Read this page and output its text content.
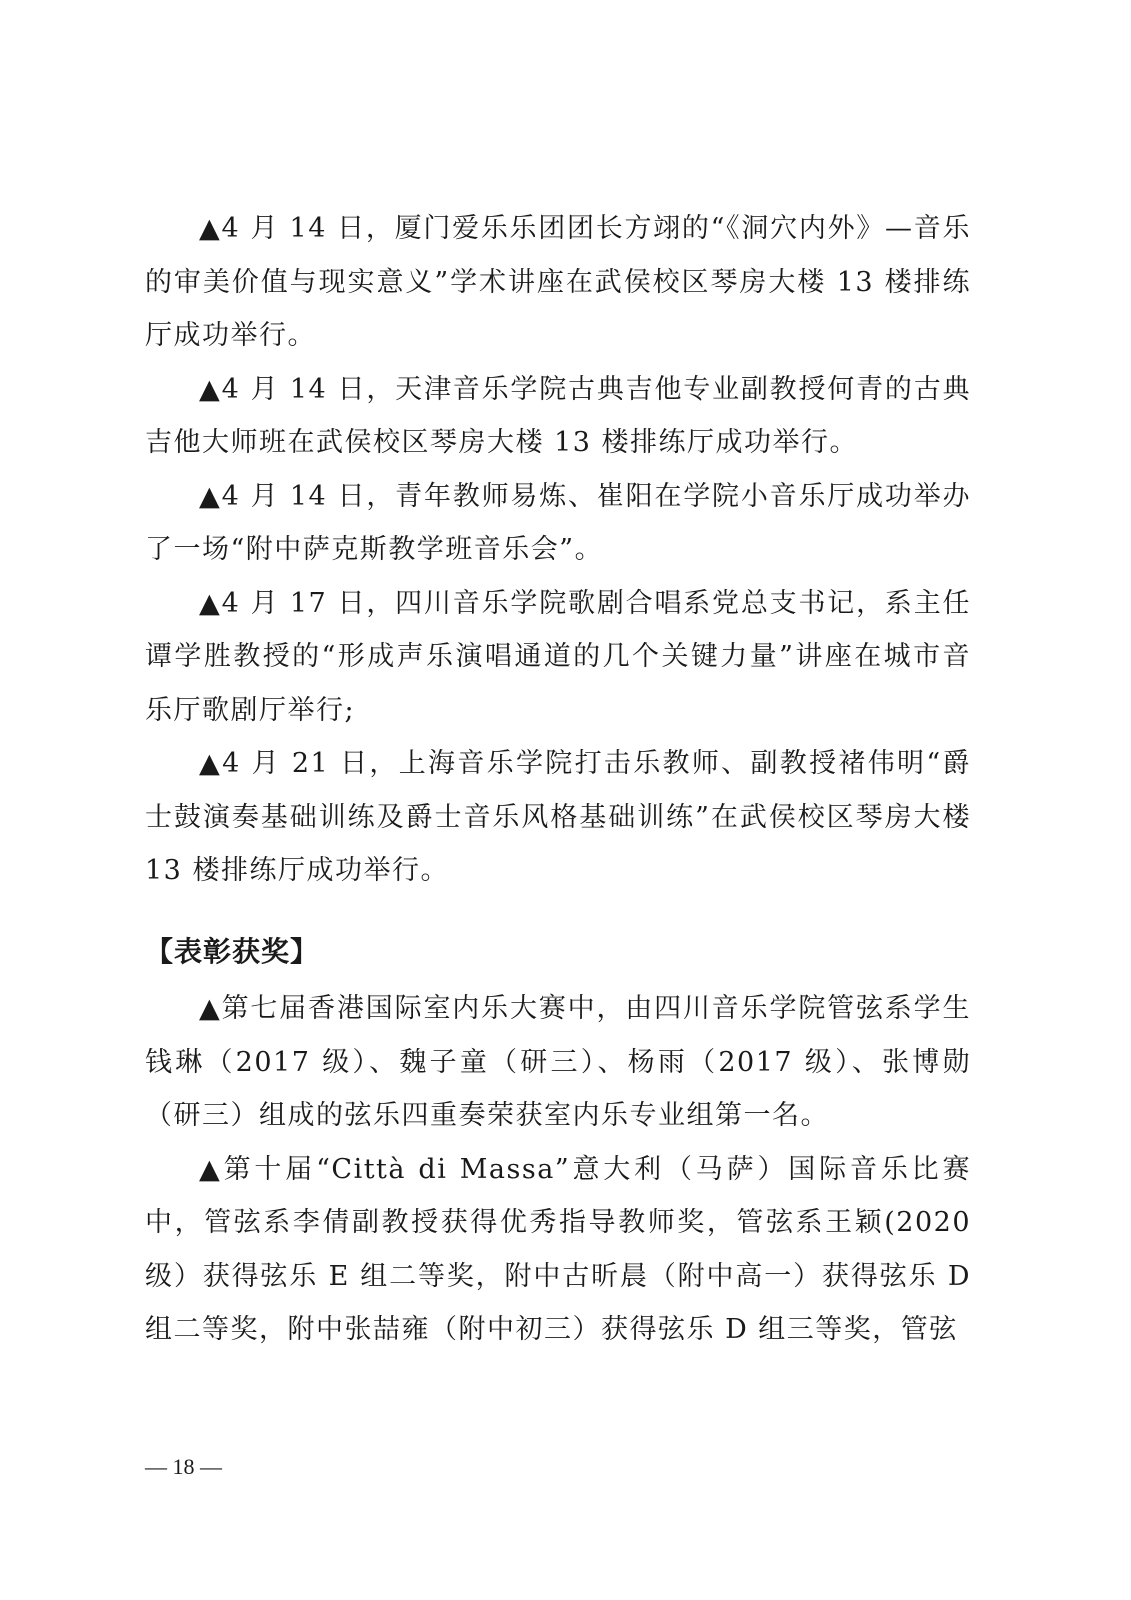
▲4 月 14 日，厦门爱乐乐团团长方翊的“《洞穴内外》—音乐的审美价值与现实意义”学术讲座在武侯校区琴房大楼 13 楼排练厅成功举行。

▲4 月 14 日，天津音乐学院古典吉他专业副教授何青的古典吉他大师班在武侯校区琴房大楼 13 楼排练厅成功举行。

▲4 月 14 日，青年教师易炼、崔阳在学院小音乐厅成功举办了一场“附中萨克斯教学班音乐会”。

▲4 月 17 日，四川音乐学院歌剧合唱系党总支书记，系主任谭学胜教授的“形成声乐演唱通道的几个关键力量”讲座在城市音乐厅歌剧厅举行;

▲4 月 21 日，上海音乐学院打击乐教师、副教授褚伟明“爵士鼓演奏基础训练及爵士音乐风格基础训练”在武侯校区琴房大楼 13 楼排练厅成功举行。

【表彰获奖】

▲第七届香港国际室内乐大赛中，由四川音乐学院管弦系学生钱琳（2017 级）、魏子童（研三）、杨雨（2017 级）、张博勋（研三）组成的弦乐四重奏荣获室内乐专业组第一名。

▲第十届“Città di Massa”意大利（马萨）国际音乐比赛中，管弦系李倩副教授获得优秀指导教师奖，管弦系王颖(2020级）获得弦乐 E 组二等奖，附中古昕晨（附中高一）获得弦乐 D 组二等奖，附中张喆雍（附中初三）获得弦乐 D 组三等奖，管弦

— 18 —
